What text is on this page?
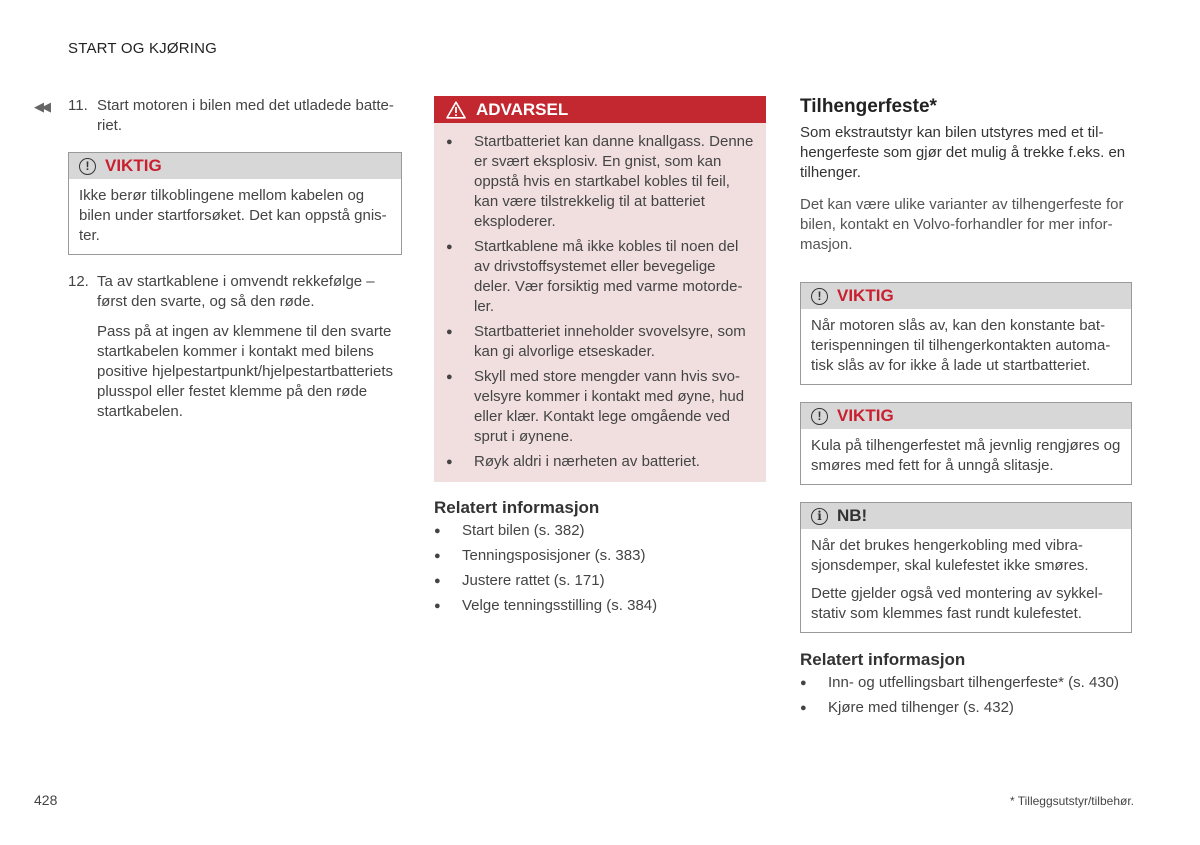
START OG KJØRING
◀◀	11. Start motoren i bilen med det utladede batteriet.
! VIKTIG

Ikke berør tilkoblingene mellom kabelen og bilen under startforsøket. Det kan oppstå gnister.

12. Ta av startkablene i omvendt rekkefølge – først den svarte, og så den røde.
Pass på at ingen av klemmene til den svarte startkabelen kommer i kontakt med bilens positive hjelpestartpunkt/hjelpestartbatteriets plusspol eller festet klemme på den røde startkabelen.
ADVARSEL
●	Startbatteriet kan danne knallgass. Denne er svært eksplosiv. En gnist, som kan oppstå hvis en startkabel kobles til feil, kan være tilstrekkelig til at batteriet eksploderer.
●	Startkablene må ikke kobles til noen del av drivstoffsystemet eller bevegelige deler. Vær forsiktig med varme motordeler.
●	Startbatteriet inneholder svovelsyre, som kan gi alvorlige etseskader.
●	Skyll med store mengder vann hvis svovelsyre kommer i kontakt med øyne, hud eller klær. Kontakt lege omgående ved sprut i øynene.
●	Røyk aldri i nærheten av batteriet.
Relatert informasjon
●	Start bilen (s. 382)
●	Tenningsposisjoner (s. 383)
●	Justere rattet (s. 171)
●	Velge tenningsstilling (s. 384)
Tilhengerfeste*

Som ekstrautstyr kan bilen utstyres med et tilhengerfeste som gjør det mulig å trekke f.eks. en tilhenger.

Det kan være ulike varianter av tilhengerfeste for bilen, kontakt en Volvo-forhandler for mer informasjon.

! VIKTIG

Når motoren slås av, kan den konstante batterispenningen til tilhengerkontakten automatisk slås av for ikke å lade ut startbatteriet.

! VIKTIG

Kula på tilhengerfestet må jevnlig rengjøres og smøres med fett for å unngå slitasje.

i NB!

Når det brukes hengerkobling med vibrasjonsdemper, skal kulefestet ikke smøres.

Dette gjelder også ved montering av sykkelstativ som klemmes fast rundt kulefestet.

Relatert informasjon
●	Inn- og utfellingsbart tilhengerfeste* (s. 430)
●	Kjøre med tilhenger (s. 432)
428	* Tilleggsutstyr/tilbehør.
